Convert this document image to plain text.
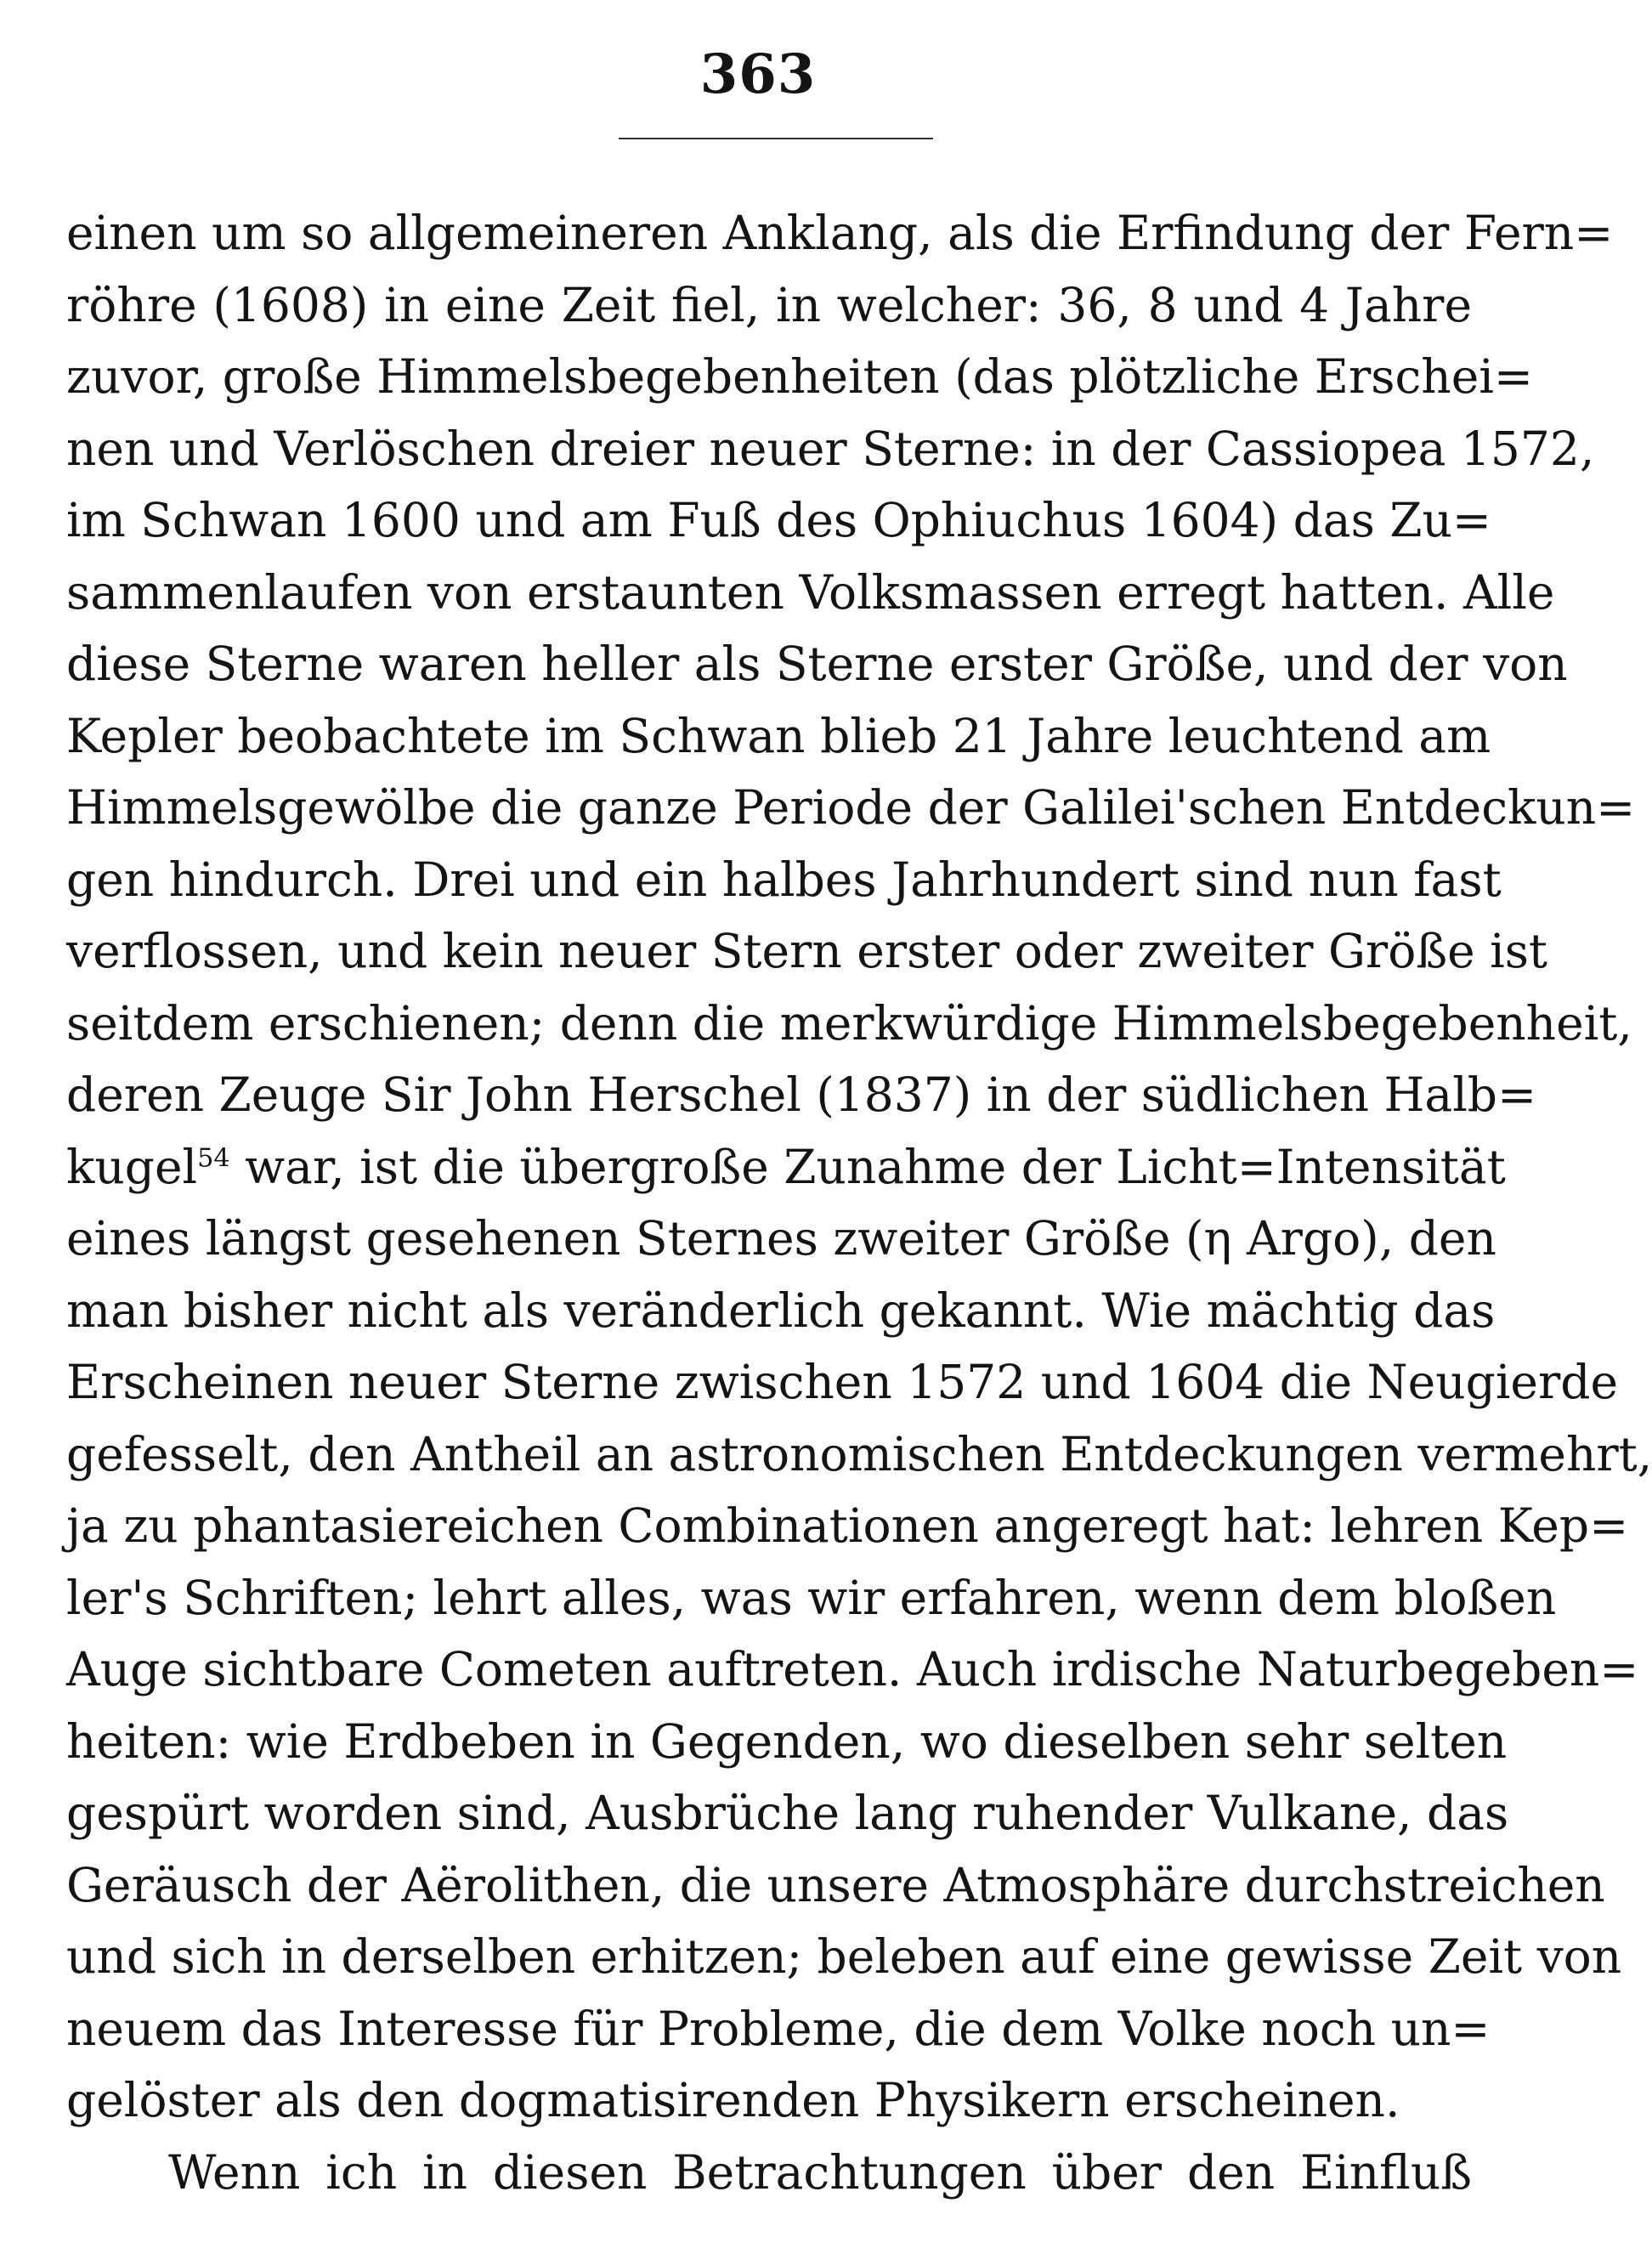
363
einen um so allgemeineren Anklang, als die Erfindung der Fern=
röhre (1608) in eine Zeit fiel, in welcher: 36, 8 und 4 Jahre
zuvor, große Himmelsbegebenheiten (das plötzliche Erschei=
nen und Verlöschen dreier neuer Sterne: in der Cassiopea 1572,
im Schwan 1600 und am Fuß des Ophiuchus 1604) das Zu=
sammenlaufen von erstaunten Volksmassen erregt hatten. Alle
diese Sterne waren heller als Sterne erster Größe, und der von
Kepler beobachtete im Schwan blieb 21 Jahre leuchtend am
Himmelsgewölbe die ganze Periode der Galilei'schen Entdeckun=
gen hindurch. Drei und ein halbes Jahrhundert sind nun fast
verflossen, und kein neuer Stern erster oder zweiter Größe ist
seitdem erschienen; denn die merkwürdige Himmelsbegebenheit,
deren Zeuge Sir John Herschel (1837) in der südlichen Halb=
kugel$^{54}$ war, ist die übergroße Zunahme der Licht=Intensität
eines längst gesehenen Sternes zweiter Größe (η Argo), den
man bisher nicht als veränderlich gekannt. Wie mächtig das
Erscheinen neuer Sterne zwischen 1572 und 1604 die Neugierde
gefesselt, den Antheil an astronomischen Entdeckungen vermehrt,
ja zu phantasiereichen Combinationen angeregt hat: lehren Kep=
ler's Schriften; lehrt alles, was wir erfahren, wenn dem bloßen
Auge sichtbare Cometen auftreten. Auch irdische Naturbegeben=
heiten: wie Erdbeben in Gegenden, wo dieselben sehr selten
gespürt worden sind, Ausbrüche lang ruhender Vulkane, das
Geräusch der Aërolithen, die unsere Atmosphäre durchstreichen
und sich in derselben erhitzen; beleben auf eine gewisse Zeit von
neuem das Interesse für Probleme, die dem Volke noch un=
gelöster als den dogmatisirenden Physikern erscheinen.
Wenn ich in diesen Betrachtungen über den Einfluß
